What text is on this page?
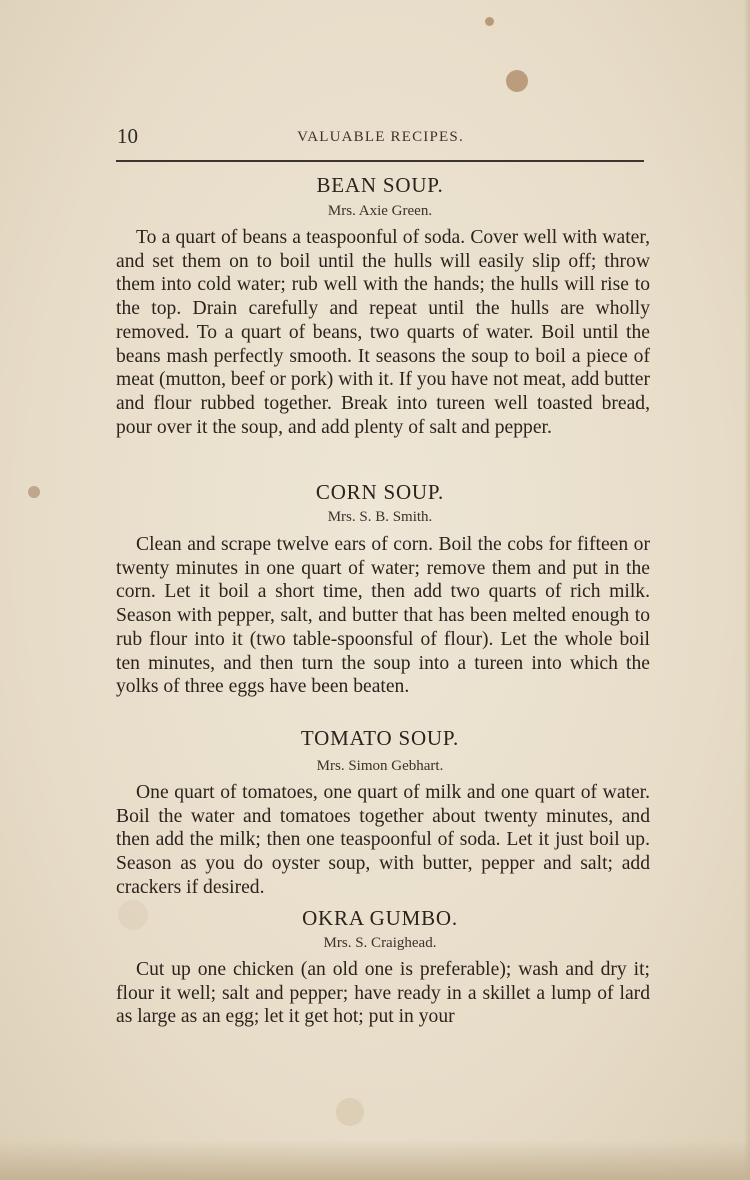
10	VALUABLE RECIPES.
BEAN SOUP.
Mrs. Axie Green.

To a quart of beans a teaspoonful of soda. Cover well with water, and set them on to boil until the hulls will easily slip off; throw them into cold water; rub well with the hands; the hulls will rise to the top. Drain carefully and repeat until the hulls are wholly removed. To a quart of beans, two quarts of water. Boil until the beans mash perfectly smooth. It seasons the soup to boil a piece of meat (mutton, beef or pork) with it. If you have not meat, add butter and flour rubbed together. Break into tureen well toasted bread, pour over it the soup, and add plenty of salt and pepper.

CORN SOUP.
Mrs. S. B. Smith.

Clean and scrape twelve ears of corn. Boil the cobs for fifteen or twenty minutes in one quart of water; remove them and put in the corn. Let it boil a short time, then add two quarts of rich milk. Season with pepper, salt, and butter that has been melted enough to rub flour into it (two table-spoonsful of flour). Let the whole boil ten minutes, and then turn the soup into a tureen into which the yolks of three eggs have been beaten.

TOMATO SOUP.
Mrs. Simon Gebhart.

One quart of tomatoes, one quart of milk and one quart of water. Boil the water and tomatoes together about twenty minutes, and then add the milk; then one teaspoonful of soda. Let it just boil up. Season as you do oyster soup, with butter, pepper and salt; add crackers if desired.

OKRA GUMBO.
Mrs. S. Craighead.

Cut up one chicken (an old one is preferable); wash and dry it; flour it well; salt and pepper; have ready in a skillet a lump of lard as large as an egg; let it get hot; put in your
